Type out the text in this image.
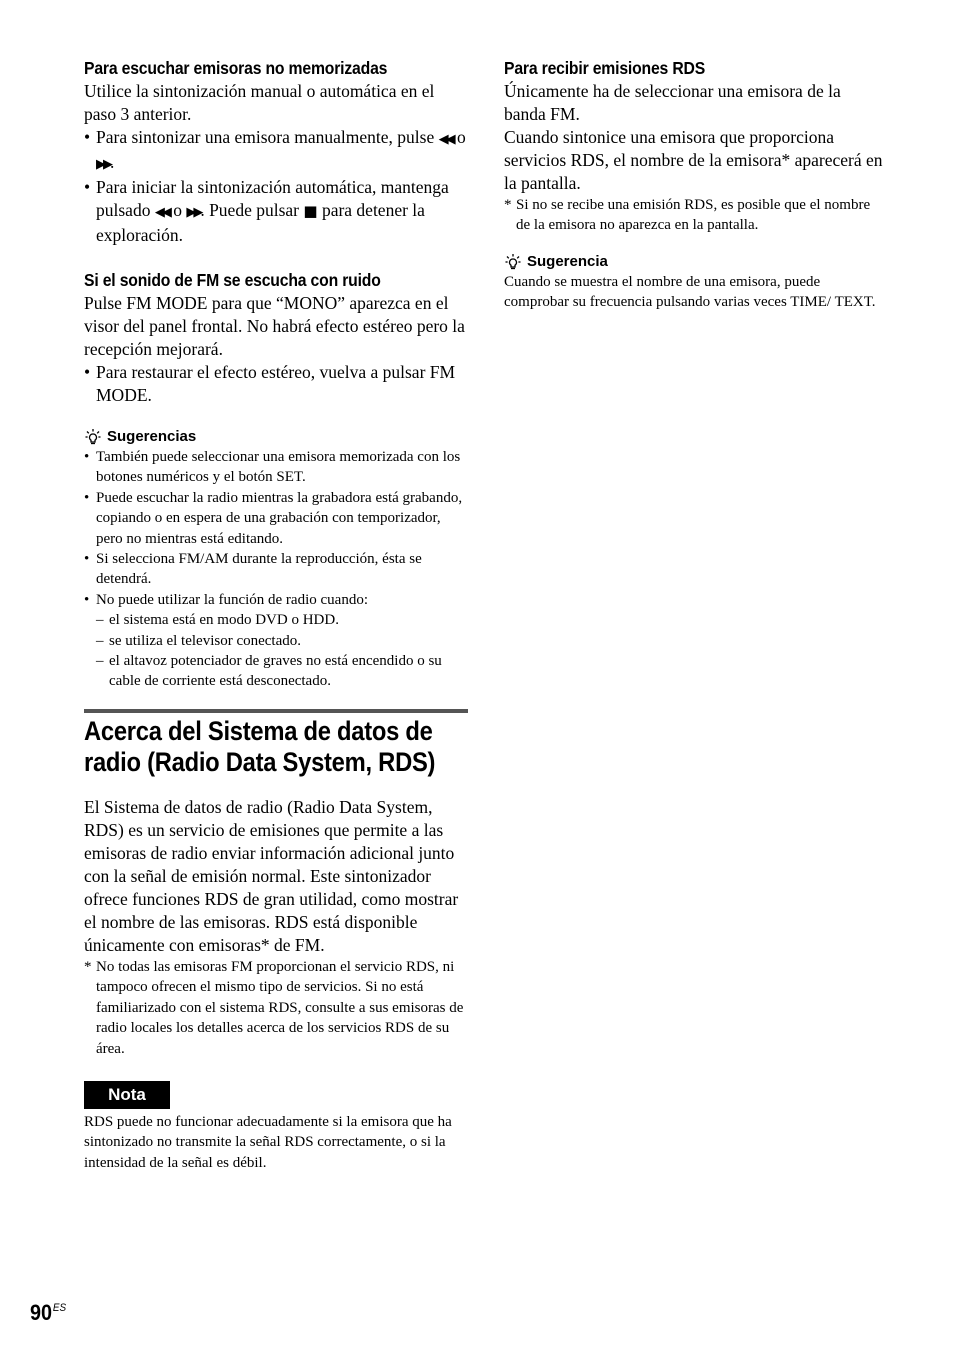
Para escuchar emisoras no memorizadas

Utilice la sintonización manual o automática en el paso 3 anterior.

• Para sintonizar una emisora manualmente, pulse ◀◀ o ▶▶.
• Para iniciar la sintonización automática, mantenga pulsado ◀◀ o ▶▶. Puede pulsar ■ para detener la exploración.
Si el sonido de FM se escucha con ruido

Pulse FM MODE para que “MONO” aparezca en el visor del panel frontal. No habrá efecto estéreo pero la recepción mejorará.

• Para restaurar el efecto estéreo, vuelva a pulsar FM MODE.
Sugerencias
• También puede seleccionar una emisora memorizada con los botones numéricos y el botón SET.
• Puede escuchar la radio mientras la grabadora está grabando, copiando o en espera de una grabación con temporizador, pero no mientras está editando.
• Si selecciona FM/AM durante la reproducción, ésta se detendrá.
• No puede utilizar la función de radio cuando:
– el sistema está en modo DVD o HDD.
– se utiliza el televisor conectado.
– el altavoz potenciador de graves no está encendido o su cable de corriente está desconectado.
Acerca del Sistema de datos de
radio (Radio Data System, RDS)

El Sistema de datos de radio (Radio Data System, RDS) es un servicio de emisiones que permite a las emisoras de radio enviar información adicional junto con la señal de emisión normal. Este sintonizador ofrece funciones RDS de gran utilidad, como mostrar el nombre de las emisoras. RDS está disponible únicamente con emisoras* de FM.

* No todas las emisoras FM proporcionan el servicio RDS, ni tampoco ofrecen el mismo tipo de servicios. Si no está familiarizado con el sistema RDS, consulte a sus emisoras de radio locales los detalles acerca de los servicios RDS de su área.
Nota

RDS puede no funcionar adecuadamente si la emisora que ha sintonizado no transmite la señal RDS correctamente, o si la intensidad de la señal es débil.

Para recibir emisiones RDS

Únicamente ha de seleccionar una emisora de la banda FM.

Cuando sintonice una emisora que proporciona servicios RDS, el nombre de la emisora* aparecerá en la pantalla.

* Si no se recibe una emisión RDS, es posible que el nombre de la emisora no aparezca en la pantalla.
Sugerencia

Cuando se muestra el nombre de una emisora, puede comprobar su frecuencia pulsando varias veces TIME/ TEXT.

$90^{ES}$
